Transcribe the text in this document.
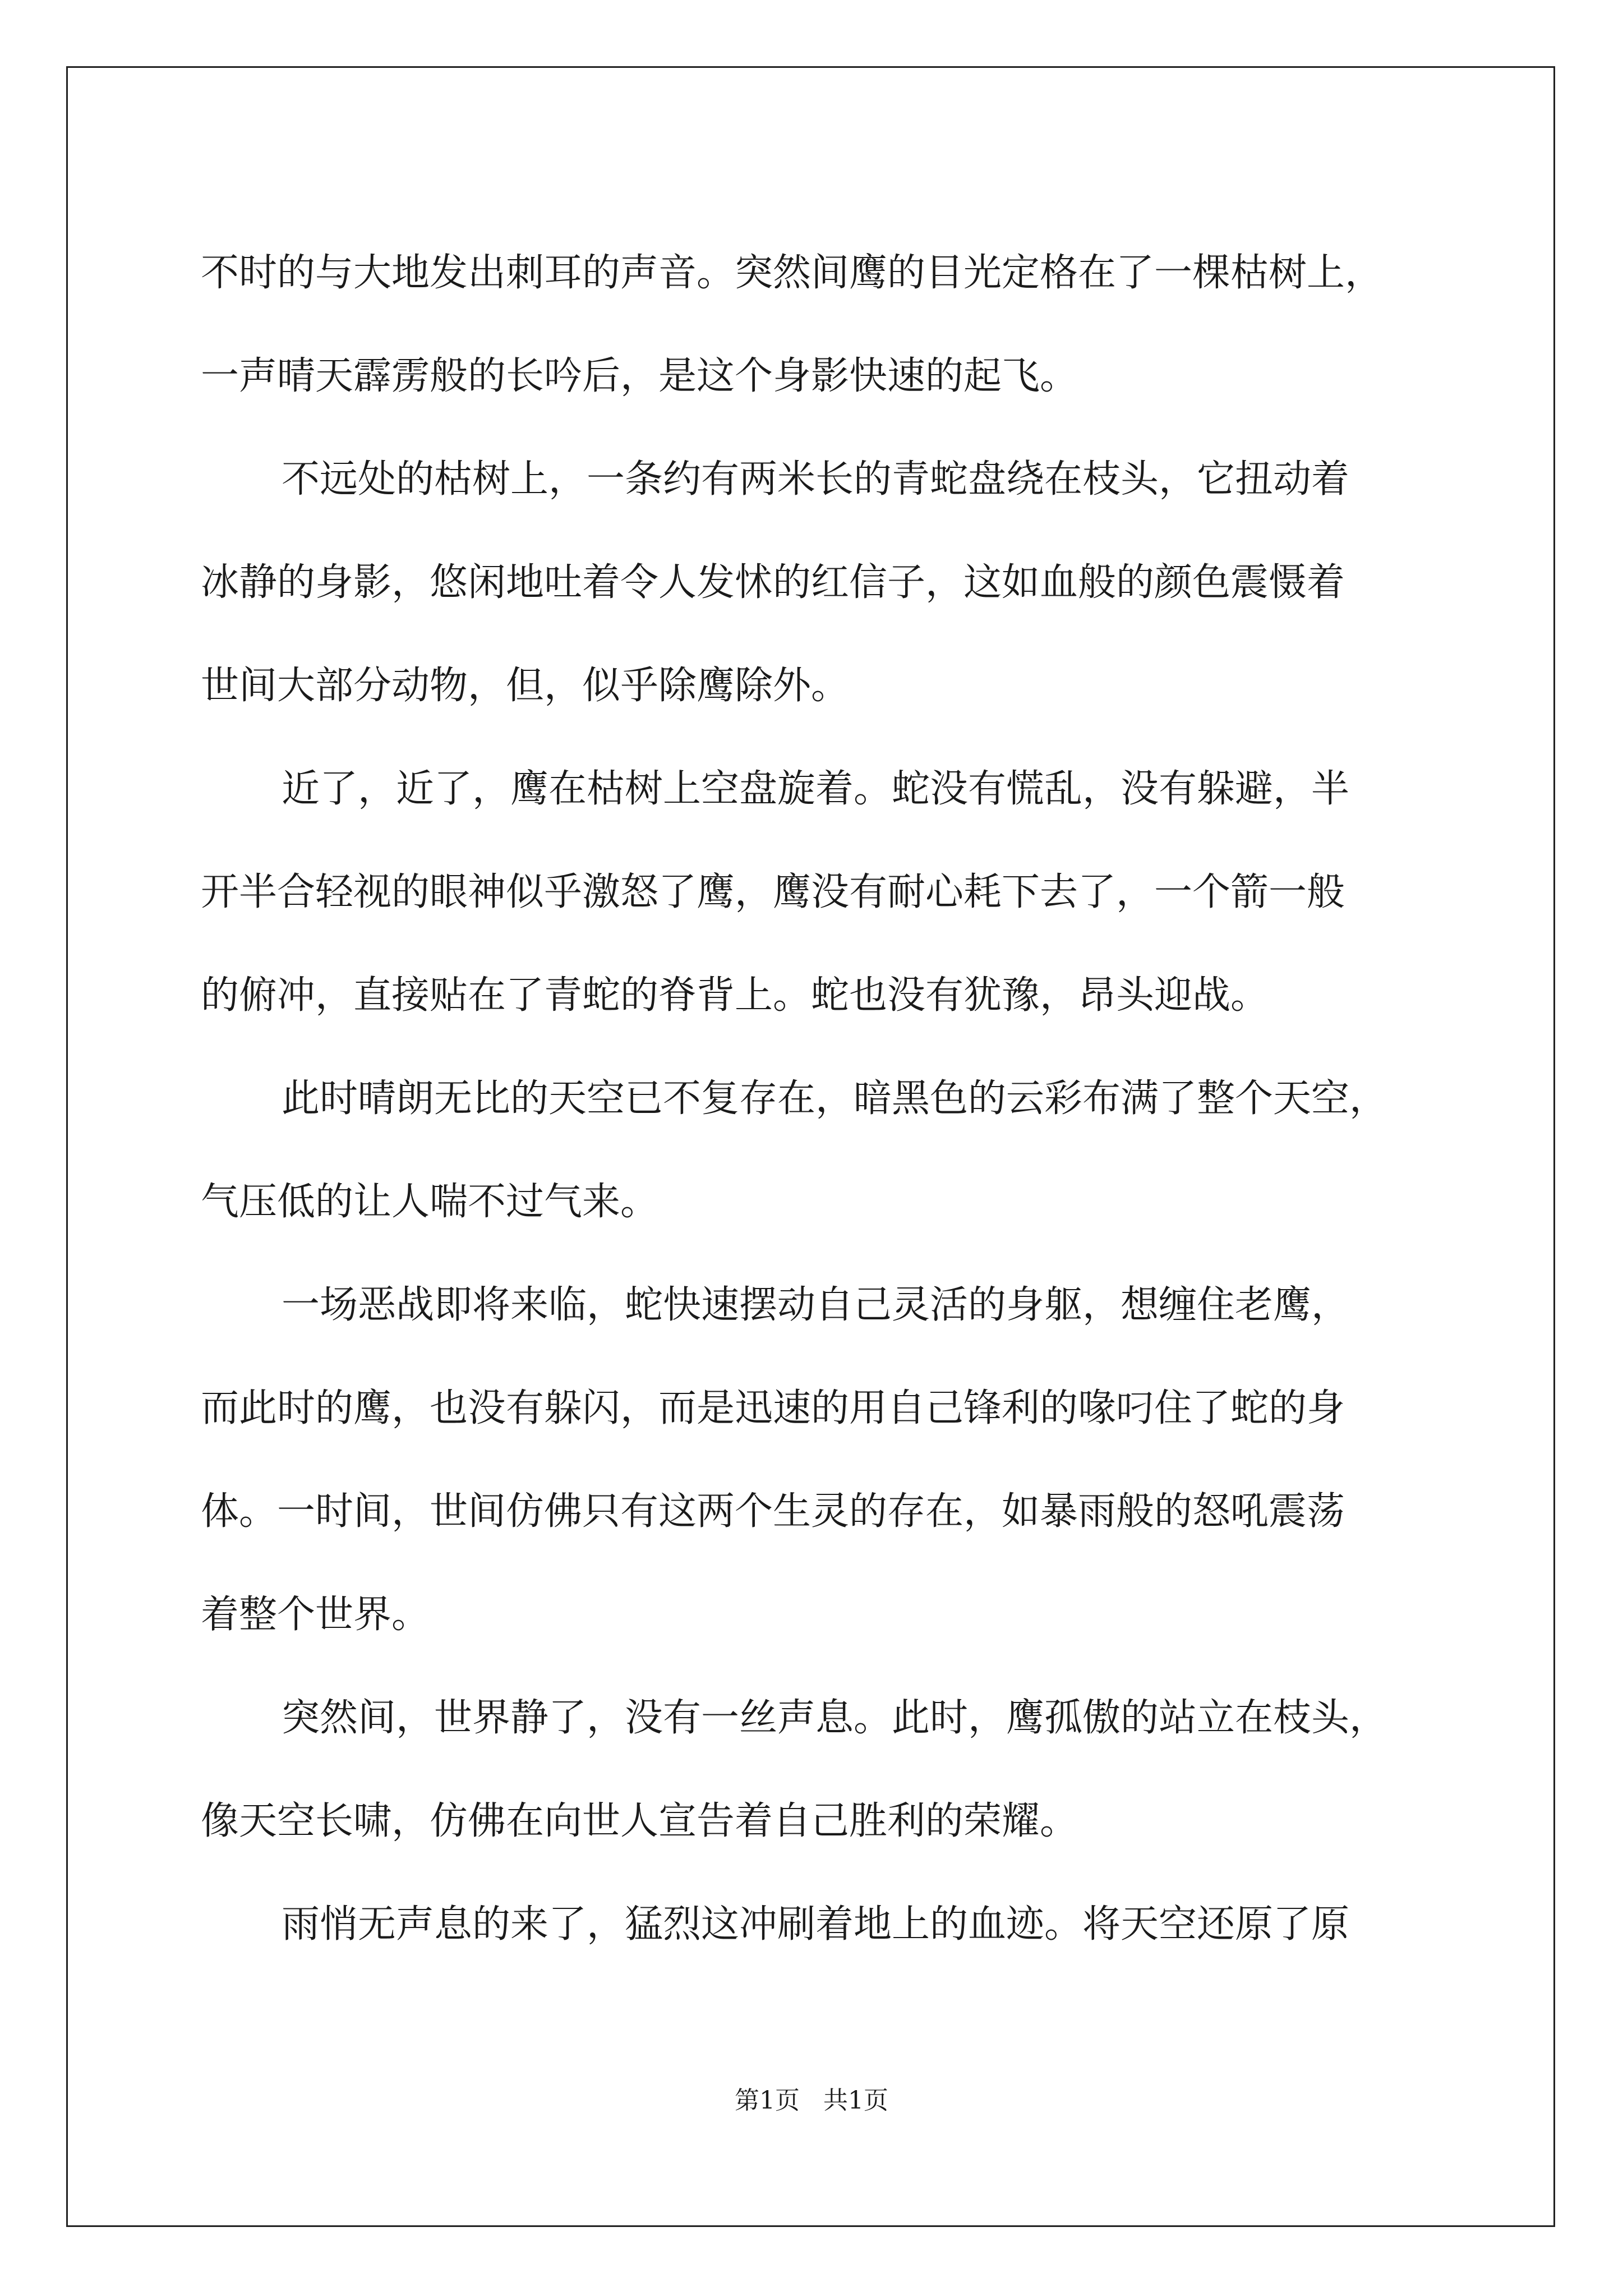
不时的与大地发出刺耳的声音。突然间鹰的目光定格在了一棵枯树上，
一声晴天霹雳般的长吟后，是这个身影快速的起飞。
不远处的枯树上，一条约有两米长的青蛇盘绕在枝头，它扭动着
冰静的身影，悠闲地吐着令人发怵的红信子，这如血般的颜色震慑着
世间大部分动物，但，似乎除鹰除外。
近了，近了，鹰在枯树上空盘旋着。蛇没有慌乱，没有躲避，半
开半合轻视的眼神似乎激怒了鹰，鹰没有耐心耗下去了，一个箭一般
的俯冲，直接贴在了青蛇的脊背上。蛇也没有犹豫，昂头迎战。
此时晴朗无比的天空已不复存在，暗黑色的云彩布满了整个天空，
气压低的让人喘不过气来。
一场恶战即将来临，蛇快速摆动自己灵活的身躯，想缠住老鹰，
而此时的鹰，也没有躲闪，而是迅速的用自己锋利的喙叼住了蛇的身
体。一时间，世间仿佛只有这两个生灵的存在，如暴雨般的怒吼震荡
着整个世界。
突然间，世界静了，没有一丝声息。此时，鹰孤傲的站立在枝头，
像天空长啸，仿佛在向世人宣告着自己胜利的荣耀。
雨悄无声息的来了，猛烈这冲刷着地上的血迹。将天空还原了原
第1页   共1页
